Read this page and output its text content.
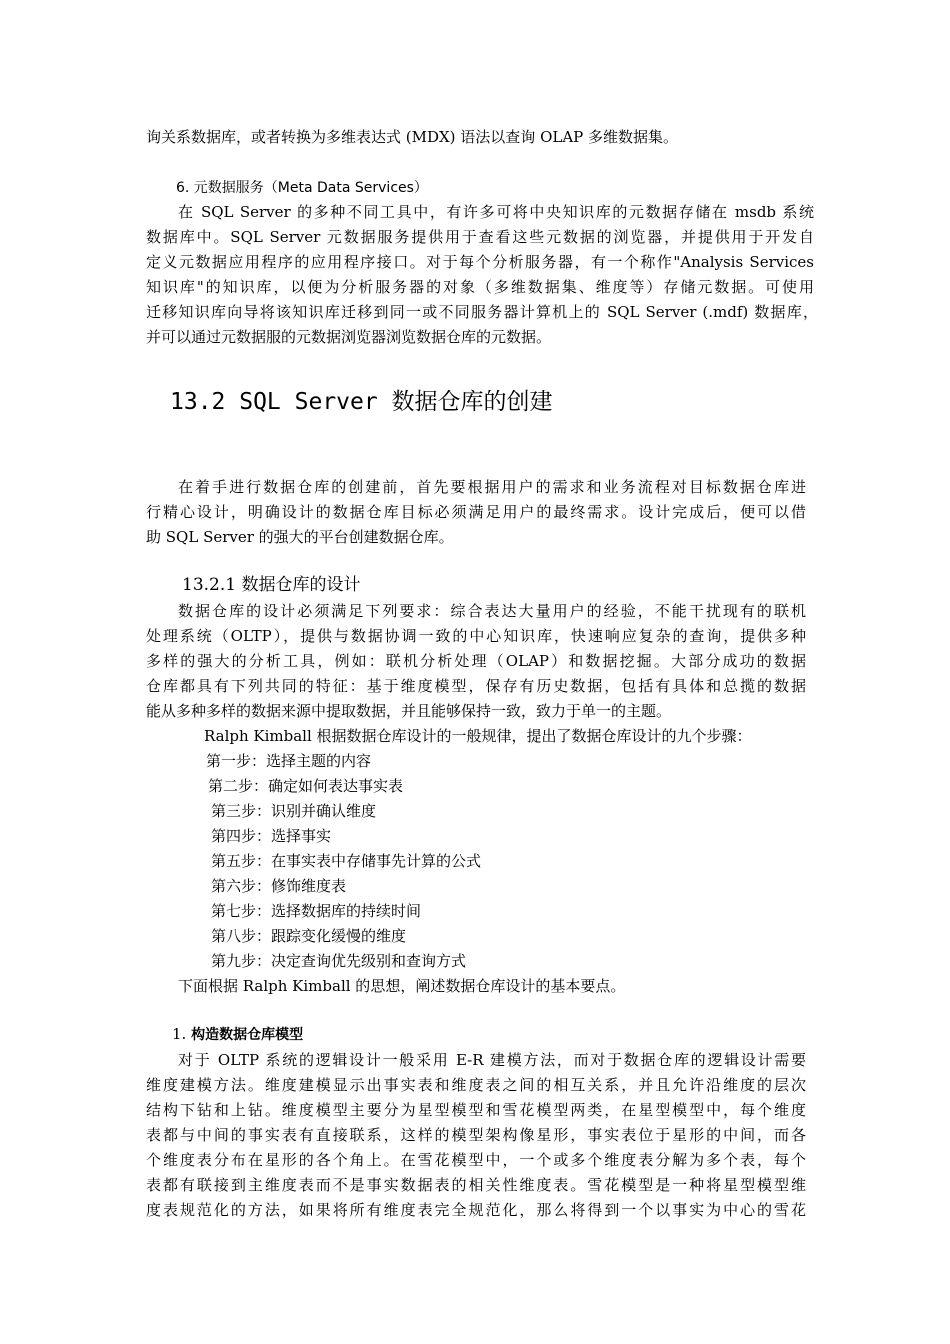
询关系数据库，或者转换为多维表达式 (MDX) 语法以查询 OLAP 多维数据集。
6. 元数据服务（Meta Data Services）
在 SQL Server 的多种不同工具中，有许多可将中央知识库的元数据存储在 msdb 系统
数据库中。SQL Server 元数据服务提供用于查看这些元数据的浏览器，并提供用于开发自
定义元数据应用程序的应用程序接口。对于每个分析服务器，有一个称作"Analysis Services
知识库"的知识库，以便为分析服务器的对象（多维数据集、维度等）存储元数据。可使用
迁移知识库向导将该知识库迁移到同一或不同服务器计算机上的 SQL Server (.mdf) 数据库，
并可以通过元数据服的元数据浏览器浏览数据仓库的元数据。
13.2 SQL Server 数据仓库的创建
在着手进行数据仓库的创建前，首先要根据用户的需求和业务流程对目标数据仓库进
行精心设计，明确设计的数据仓库目标必须满足用户的最终需求。设计完成后，便可以借
助 SQL Server 的强大的平台创建数据仓库。
13.2.1 数据仓库的设计
数据仓库的设计必须满足下列要求：综合表达大量用户的经验，不能干扰现有的联机
处理系统（OLTP），提供与数据协调一致的中心知识库，快速响应复杂的查询，提供多种
多样的强大的分析工具，例如：联机分析处理（OLAP）和数据挖掘。大部分成功的数据
仓库都具有下列共同的特征：基于维度模型，保存有历史数据，包括有具体和总揽的数据
能从多种多样的数据来源中提取数据，并且能够保持一致，致力于单一的主题。
Ralph Kimball 根据数据仓库设计的一般规律，提出了数据仓库设计的九个步骤：
第一步：选择主题的内容
第二步：确定如何表达事实表
第三步：识别并确认维度
第四步：选择事实
第五步：在事实表中存储事先计算的公式
第六步：修饰维度表
第七步：选择数据库的持续时间
第八步：跟踪变化缓慢的维度
第九步：决定查询优先级别和查询方式
下面根据 Ralph Kimball 的思想，阐述数据仓库设计的基本要点。
1. 构造数据仓库模型
对于 OLTP 系统的逻辑设计一般采用 E-R 建模方法，而对于数据仓库的逻辑设计需要
维度建模方法。维度建模显示出事实表和维度表之间的相互关系，并且允许沿维度的层次
结构下钻和上钻。维度模型主要分为星型模型和雪花模型两类，在星型模型中，每个维度
表都与中间的事实表有直接联系，这样的模型架构像星形，事实表位于星形的中间，而各
个维度表分布在星形的各个角上。在雪花模型中，一个或多个维度表分解为多个表，每个
表都有联接到主维度表而不是事实数据表的相关性维度表。雪花模型是一种将星型模型维
度表规范化的方法，如果将所有维度表完全规范化，那么将得到一个以事实为中心的雪花
